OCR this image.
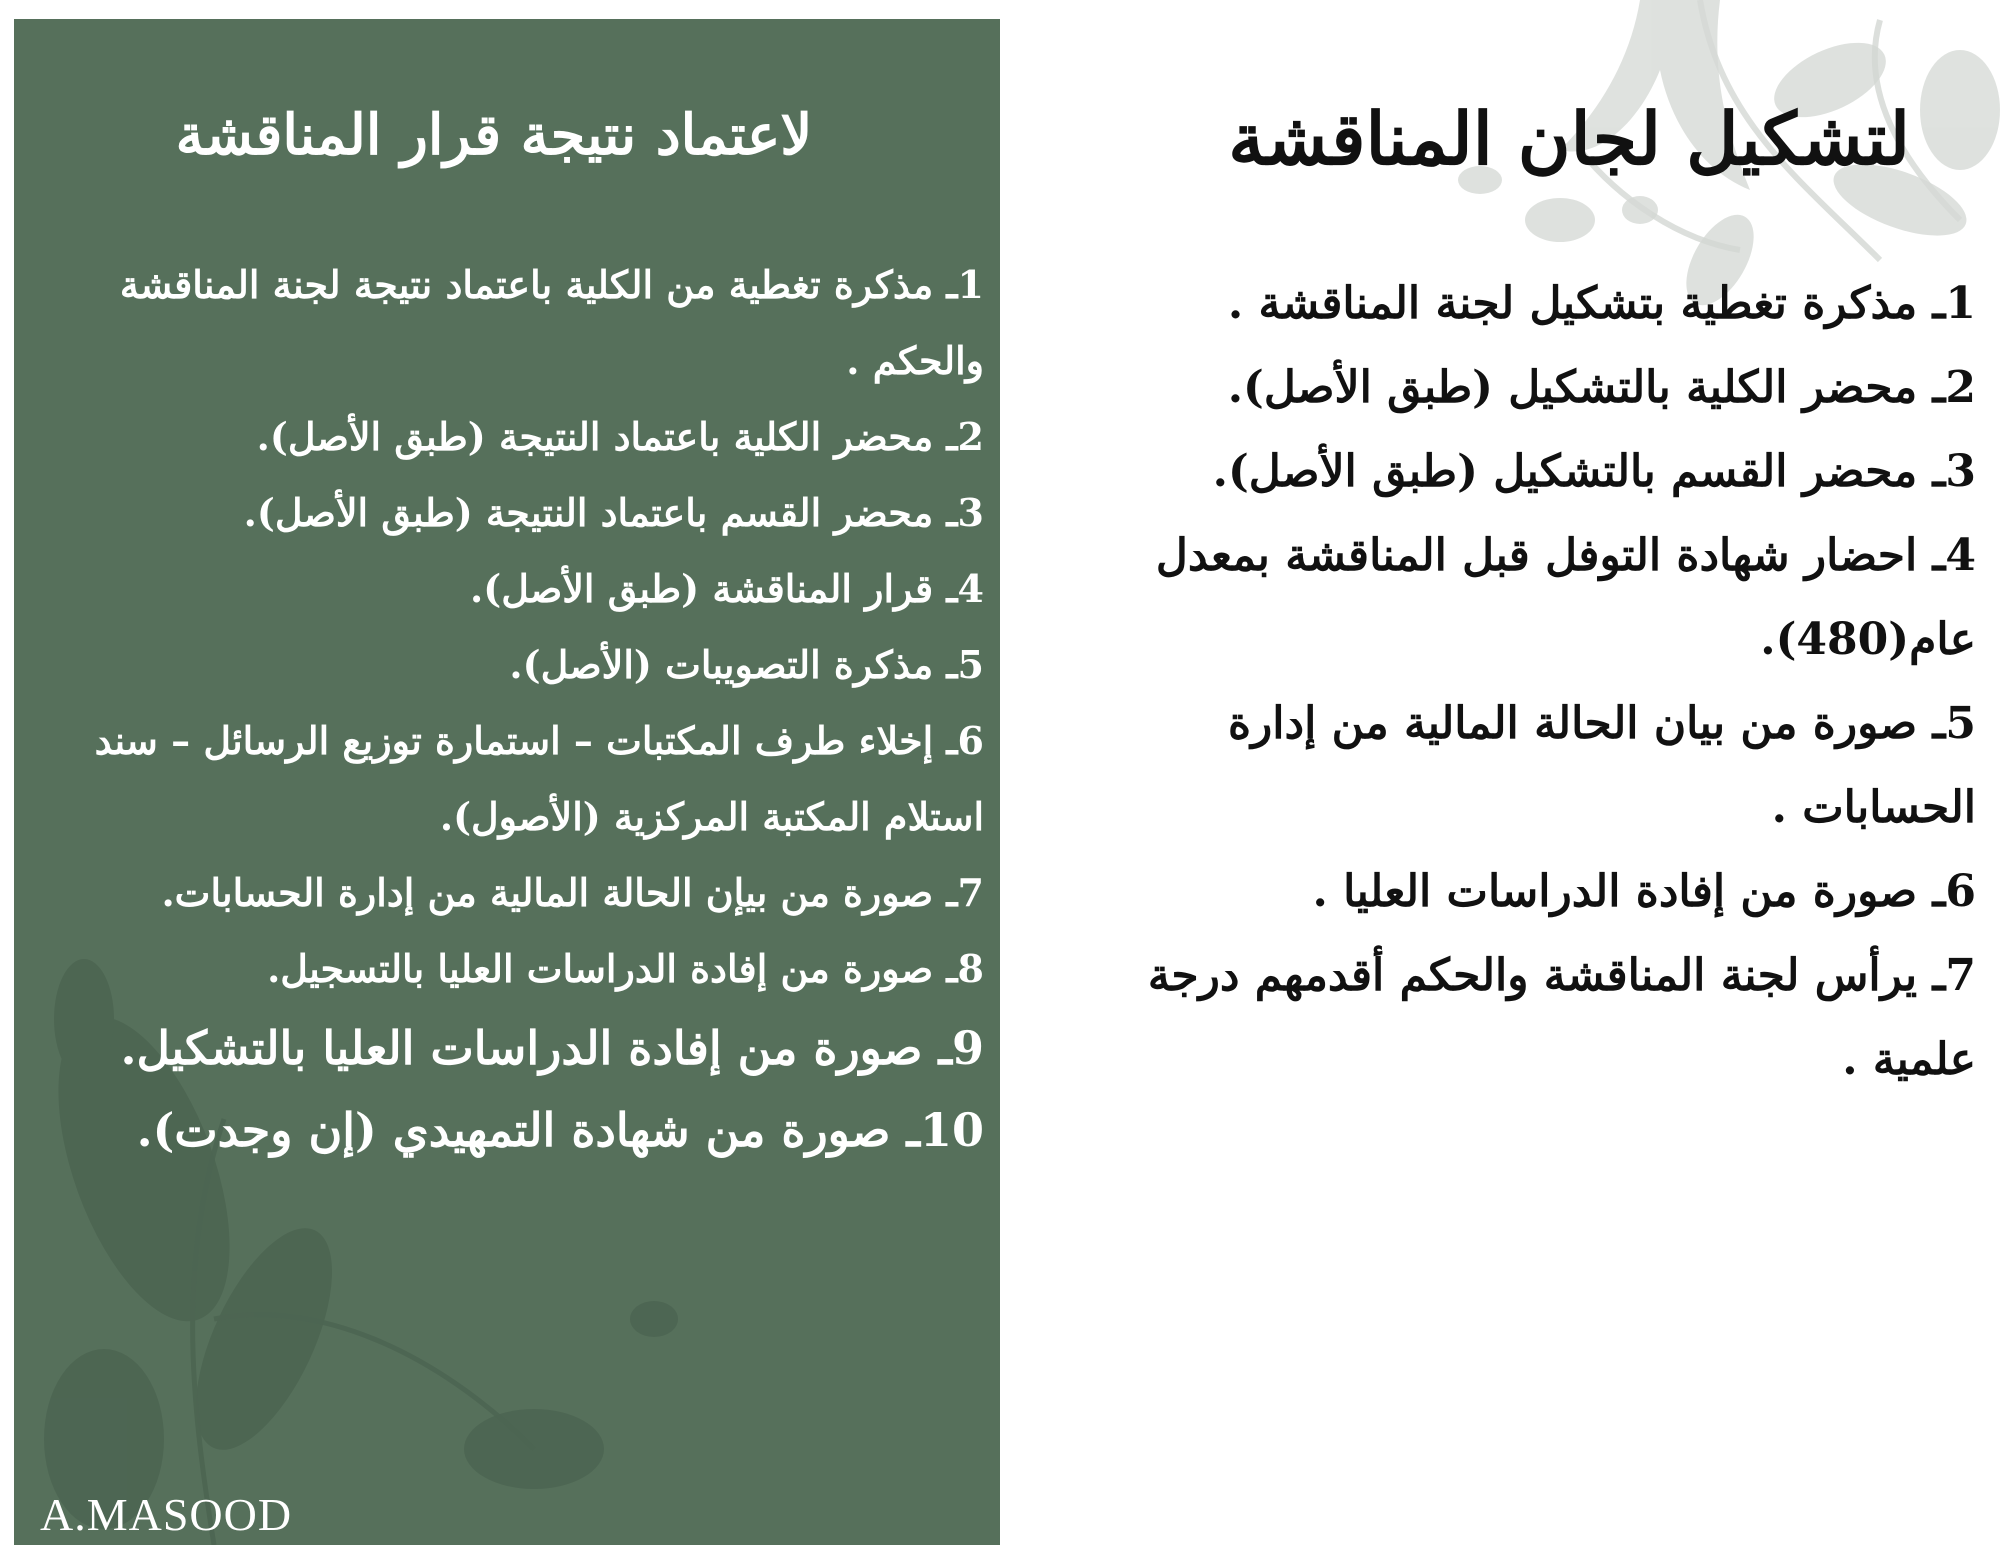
لاعتماد نتيجة قرار المناقشة
1ـ مذكرة تغطية من الكلية باعتماد نتيجة لجنة المناقشة والحكم .
2ـ محضر الكلية باعتماد النتيجة (طبق الأصل).
3ـ محضر القسم باعتماد النتيجة (طبق الأصل).
4ـ قرار المناقشة (طبق الأصل).
5ـ مذكرة التصويبات (الأصل).
6ـ إخلاء طرف المكتبات – استمارة توزيع الرسائل – سند استلام المكتبة المركزية (الأصول).
7ـ صورة من بيإن الحالة المالية من إدارة الحسابات.
8ـ صورة من إفادة الدراسات العليا بالتسجيل.
9ـ صورة من إفادة الدراسات العليا بالتشكيل.
10ـ صورة من شهادة التمهيدي (إن وجدت).
A.MASOOD
لتشكيل لجان المناقشة
1ـ مذكرة تغطية بتشكيل لجنة المناقشة .
2ـ محضر الكلية بالتشكيل (طبق الأصل).
3ـ محضر القسم بالتشكيل (طبق الأصل).
4ـ احضار شهادة التوفل قبل المناقشة بمعدل عام(480).
5ـ صورة من بيان الحالة المالية من إدارة الحسابات .
6ـ صورة من إفادة الدراسات العليا .
7ـ يرأس لجنة المناقشة والحكم أقدمهم درجة علمية .
